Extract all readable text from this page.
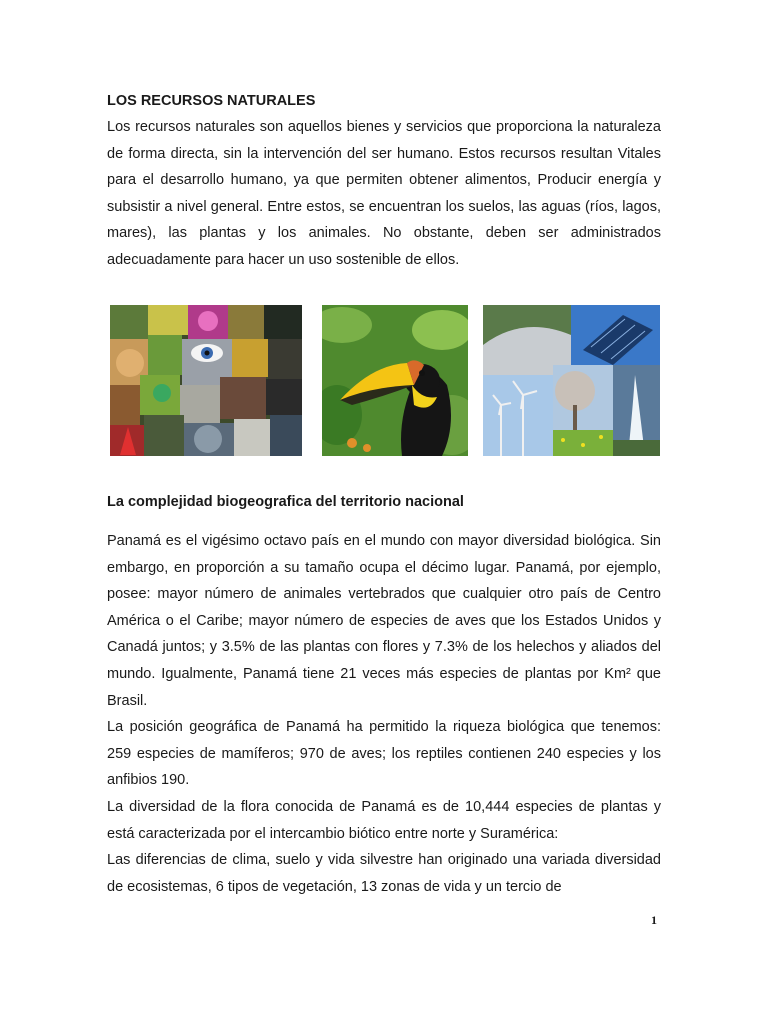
LOS RECURSOS NATURALES

Los recursos naturales son aquellos bienes y servicios que proporciona la naturaleza de forma directa, sin la intervención del ser humano. Estos recursos resultan Vitales para el desarrollo humano, ya que permiten obtener alimentos, Producir energía y subsistir a nivel general. Entre estos, se encuentran los suelos, las aguas (ríos, lagos, mares), las plantas y los animales. No obstante, deben ser administrados adecuadamente para hacer un uso sostenible de ellos.

La complejidad biogeografica del territorio nacional

Panamá es el vigésimo octavo país en el mundo con mayor diversidad biológica. Sin embargo, en proporción a su tamaño ocupa el décimo lugar. Panamá, por ejemplo, posee: mayor número de animales vertebrados que cualquier otro país de Centro América o el Caribe; mayor número de especies de aves que los Estados Unidos y Canadá juntos; y 3.5% de las plantas con flores y 7.3% de los helechos y aliados del mundo. Igualmente, Panamá tiene 21 veces más especies de plantas por Km² que Brasil.

La posición geográfica de Panamá ha permitido la riqueza biológica que tenemos: 259 especies de mamíferos; 970 de aves; los reptiles contienen 240 especies y los anfibios 190.

La diversidad de la flora conocida de Panamá es de 10,444 especies de plantas y está caracterizada por el intercambio biótico entre norte y Suramérica:

Las diferencias de clima, suelo y vida silvestre han originado una variada diversidad de ecosistemas, 6 tipos de vegetación, 13 zonas de vida y un tercio de

1
